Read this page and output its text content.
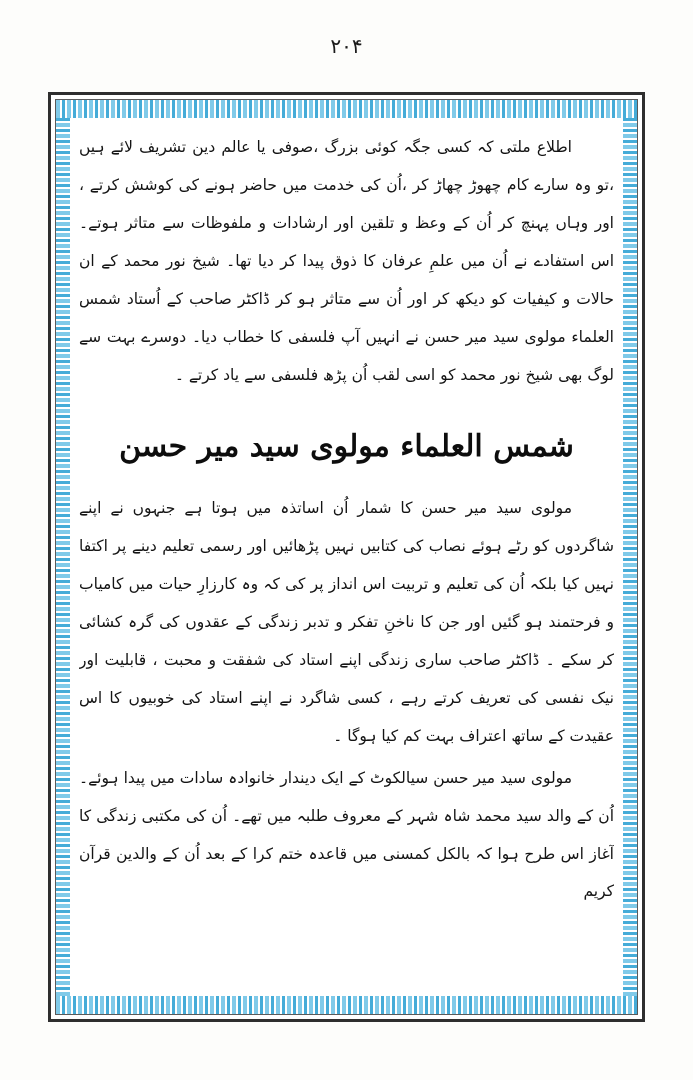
۲۰۴

اطلاع ملتی کہ کسی جگہ کوئی بزرگ ،صوفی یا عالم دین تشریف لائے ہیں ،تو وہ سارے کام چھوڑ چھاڑ کر ،اُن کی خدمت میں حاضر ہونے کی کوشش کرتے ، اور وہاں پہنچ کر اُن کے وعظ و تلقین اور ارشادات و ملفوظات سے متاثر ہوتے۔ اس استفادے نے اُن میں علمِ عرفان کا ذوق پیدا کر دیا تھا۔ شیخ نور محمد کے ان حالات و کیفیات کو دیکھ کر اور اُن سے متاثر ہو کر ڈاکٹر صاحب کے اُستاد شمس العلماء مولوی سید میر حسن نے انہیں آپ فلسفی کا خطاب دیا۔ دوسرے بہت سے لوگ بھی شیخ نور محمد کو اسی لقب اُن پڑھ فلسفی سے یاد کرتے ۔

شمس العلماء مولوی سید میر حسن

مولوی سید میر حسن کا شمار اُن اساتذہ میں ہوتا ہے جنہوں نے اپنے شاگردوں کو رٹے ہوئے نصاب کی کتابیں نہیں پڑھائیں اور رسمی تعلیم دینے پر اکتفا نہیں کیا بلکہ اُن کی تعلیم و تربیت اس انداز پر کی کہ وہ کارزارِ حیات میں کامیاب و فرحتمند ہو گئیں اور جن کا ناخنِ تفکر و تدبر زندگی کے عقدوں کی گرہ کشائی کر سکے ۔ ڈاکٹر صاحب ساری زندگی اپنے استاد کی شفقت و محبت ، قابلیت اور نیک نفسی کی تعریف کرتے رہے ، کسی شاگرد نے اپنے استاد کی خوبیوں کا اس عقیدت کے ساتھ اعتراف بہت کم کیا ہوگا ۔

مولوی سید میر حسن سیالکوٹ کے ایک دیندار خانوادہ سادات میں پیدا ہوئے۔ اُن کے والد سید محمد شاہ شہر کے معروف طلبہ میں تھے۔ اُن کی مکتبی زندگی کا آغاز اس طرح ہوا کہ بالکل کمسنی میں قاعدہ ختم کرا کے بعد اُن کے والدین قرآن کریم
